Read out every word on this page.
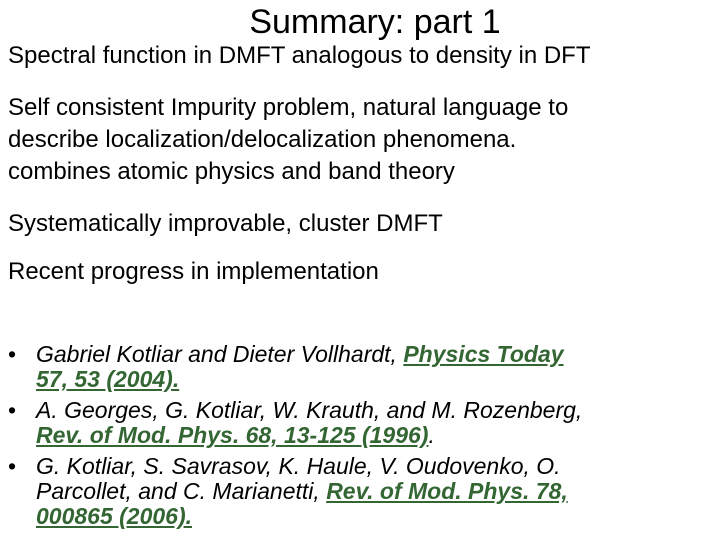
Summary: part 1
Spectral function in DMFT analogous to density in DFT
Self consistent Impurity problem, natural language to
describe localization/delocalization phenomena.
combines atomic physics and band theory
Systematically improvable, cluster DMFT
Recent progress in implementation
• Gabriel Kotliar and Dieter Vollhardt, Physics Today
57, 53 (2004).
• A. Georges, G. Kotliar, W. Krauth, and M. Rozenberg,
Rev. of Mod. Phys. 68, 13-125 (1996).
• G. Kotliar, S. Savrasov, K. Haule, V. Oudovenko, O.
Parcollet, and C. Marianetti, Rev. of Mod. Phys. 78,
000865 (2006).
